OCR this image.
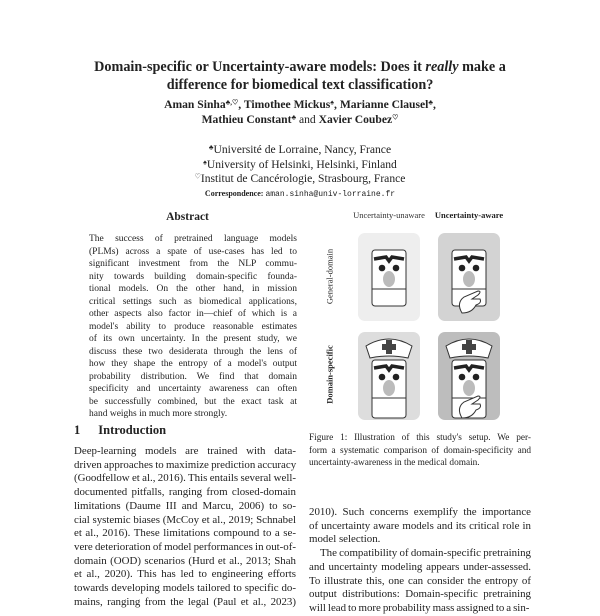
Domain-specific or Uncertainty-aware models: Does it really make a
difference for biomedical text classification?
Aman Sinha♣,♡, Timothee Mickus♠, Marianne Clausel♣,
Mathieu Constant♣ and Xavier Coubez♡
♣Université de Lorraine, Nancy, France
♠University of Helsinki, Helsinki, Finland
♡Institut de Cancérologie, Strasbourg, France
Correspondence: aman.sinha@univ-lorraine.fr
Abstract
The success of pretrained language models
(PLMs) across a spate of use-cases has led to
significant investment from the NLP commu-
nity towards building domain-specific founda-
tional models. On the other hand, in mission
critical settings such as biomedical applications,
other aspects also factor in—chief of which is a
model's ability to produce reasonable estimates
of its own uncertainty. In the present study, we
discuss these two desiderata through the lens of
how they shape the entropy of a model's output
probability distribution. We find that domain
specificity and uncertainty awareness can often
be successfully combined, but the exact task at
hand weighs in much more strongly.
1 Introduction
Deep-learning models are trained with data-
driven approaches to maximize prediction accuracy
(Goodfellow et al., 2016). This entails several well-
documented pitfalls, ranging from closed-domain
limitations (Daume III and Marcu, 2006) to so-
cial systemic biases (McCoy et al., 2019; Schnabel
et al., 2016). These limitations compound to a se-
vere deterioration of model performances in out-of-
domain (OOD) scenarios (Hurd et al., 2013; Shah
et al., 2020). This has led to engineering efforts
towards developing models tailored to specific do-
mains, ranging from the legal (Paul et al., 2023)
Uncertainty-unaware	Uncertainty-aware
General-domain
Domain-specific
Figure 1: Illustration of this study's setup. We per-
form a systematic comparison of domain-specificity and
uncertainty-awareness in the medical domain.
2010). Such concerns exemplify the importance
of uncertainty aware models and its critical role in
model selection.
The compatibility of domain-specific pretraining
and uncertainty modeling appears under-assessed.
To illustrate this, one can consider the entropy of
output distributions: Domain-specific pretraining
will lead to more probability mass assigned to a sin-
